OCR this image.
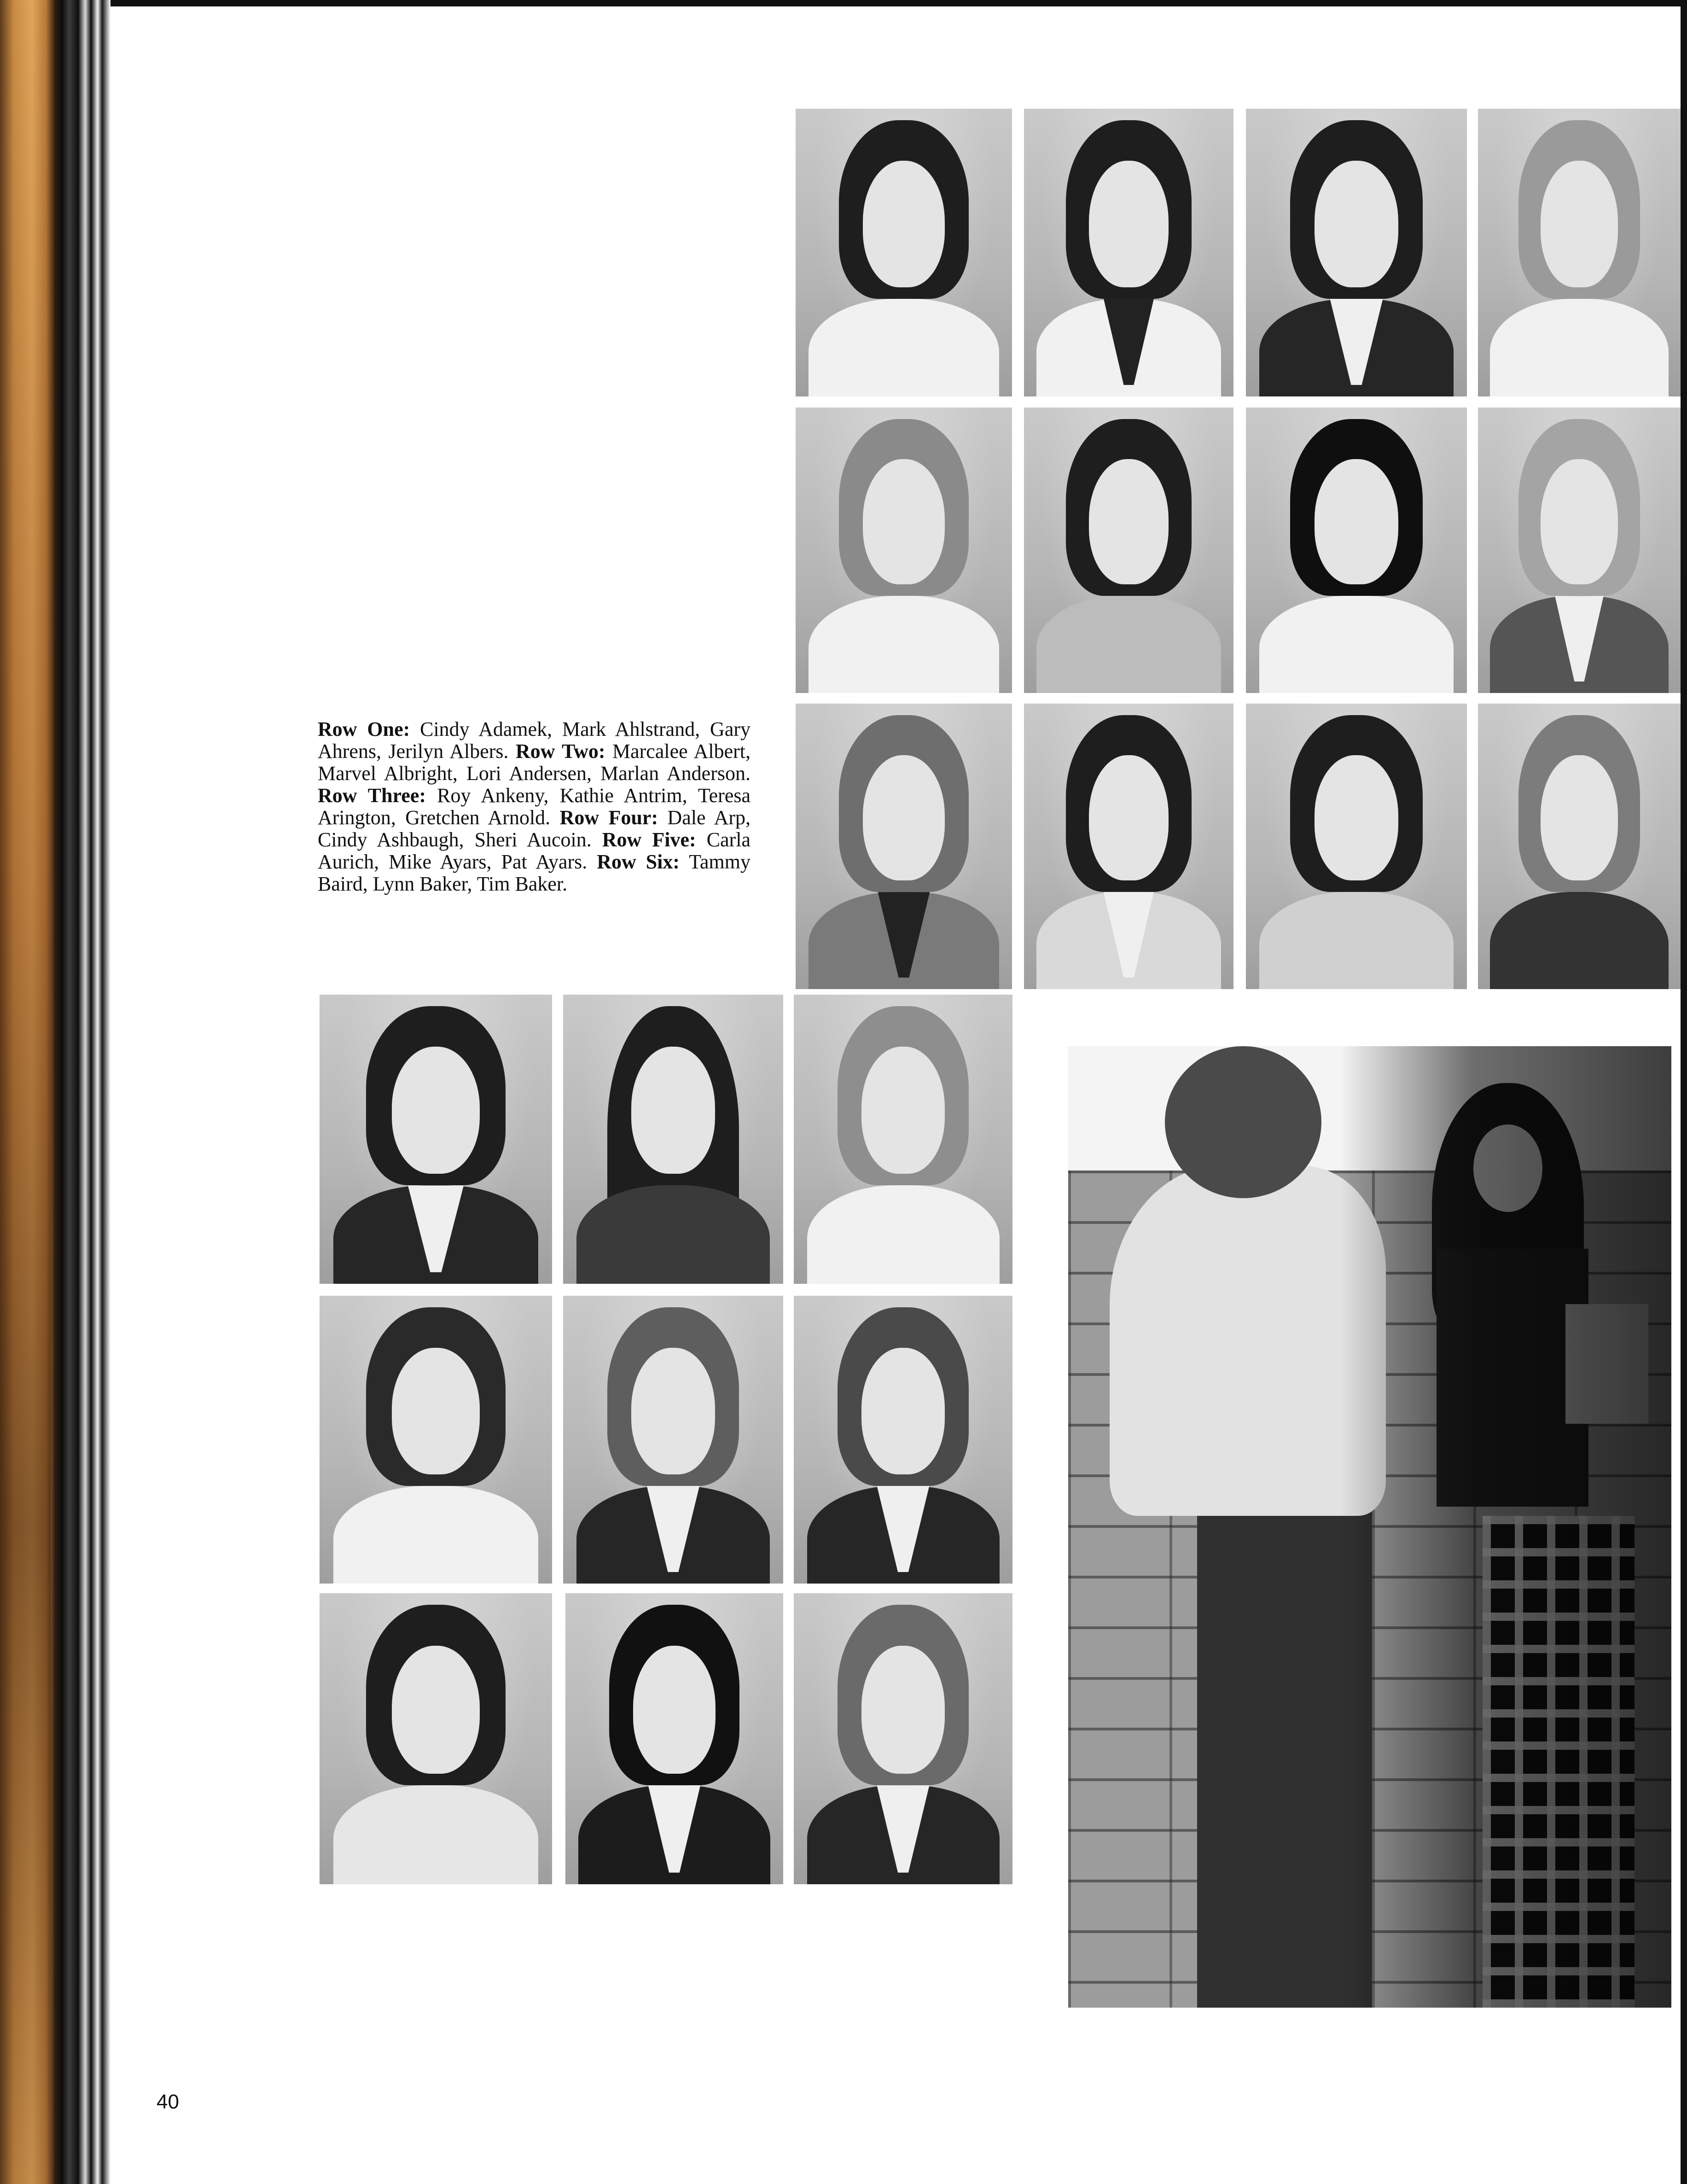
Row One: Cindy Adamek, Mark Ahlstrand, Gary Ahrens, Jerilyn Albers. Row Two: Marcalee Albert, Marvel Albright, Lori Andersen, Marlan Anderson. Row Three: Roy Ankeny, Kathie Antrim, Teresa Arington, Gretchen Arnold. Row Four: Dale Arp, Cindy Ashbaugh, Sheri Aucoin. Row Five: Carla Aurich, Mike Ayars, Pat Ayars. Row Six: Tammy Baird, Lynn Baker, Tim Baker.
40
